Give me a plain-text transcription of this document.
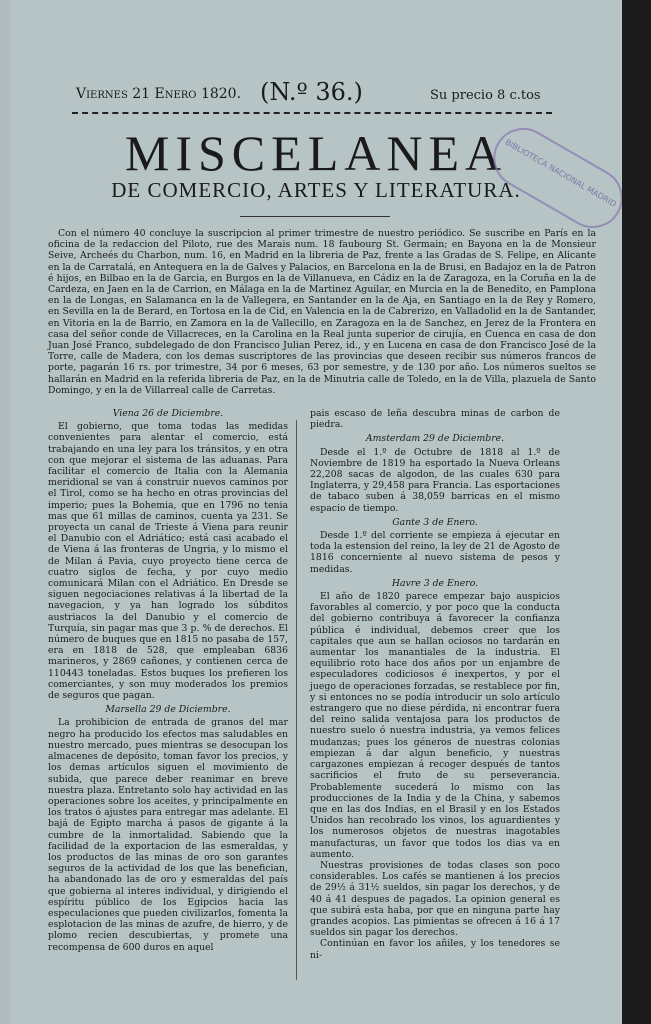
Viernes 21 Enero 1820. (N.º 36.)	Su precio 8 c.tos
MISCELANEA
DE COMERCIO, ARTES Y LITERATURA.
BIBLIOTECA NACIONAL MADRID

Con el número 40 concluye la suscripcion al primer trimestre de nuestro periódico. Se suscribe en París en la oficina de la redaccion del Piloto, rue des Marais num. 18 faubourg St. Germain; en Bayona en la de Monsieur Seive, Archeés du Charbon, num. 16, en Madrid en la libreria de Paz, frente a las Gradas de S. Felipe, en Alicante en la de Carratalá, en Antequera en la de Galves y Palacios, en Barcelona en la de Brusi, en Badajoz en la de Patron é hijos, en Bilbao en la de Garcia, en Burgos en la de Villanueva, en Cádiz en la de Zaragoza, en la Coruña en la de Cardeza, en Jaen en la de Carrion, en Málaga en la de Martinez Aguilar, en Murcia en la de Benedito, en Pamplona en la de Longas, en Salamanca en la de Vallegera, en Santander en la de Aja, en Santiago en la de Rey y Romero, en Sevilla en la de Berard, en Tortosa en la de Cid, en Valencia en la de Cabrerizo, en Valladolid en la de Santander, en Vitoria en la de Barrio, en Zamora en la de Vallecillo, en Zaragoza en la de Sanchez, en Jerez de la Frontera en casa del señor conde de Villacreces, en la Carolina en la Real junta superior de cirujía, en Cuenca en casa de don Juan José Franco, subdelegado de don Francisco Julian Perez, id., y en Lucena en casa de don Francisco José de la Torre, calle de Madera, con los demas suscriptores de las provincias que deseen recibir sus números francos de porte, pagarán 16 rs. por trimestre, 34 por 6 meses, 63 por semestre, y de 130 por año. Los números sueltos se hallarán en Madrid en la referida libreria de Paz, en la de Minutria calle de Toledo, en la de Villa, plazuela de Santo Domingo, y en la de Villarreal calle de Carretas.

Viena 26 de Diciembre.

El gobierno, que toma todas las medidas convenientes para alentar el comercio, está trabajando en una ley para los tránsitos, y en otra con que mejorar el sistema de las aduanas. Para facilitar el comercio de Italia con la Alemania meridional se van á construir nuevos caminos por el Tirol, como se ha hecho en otras provincias del imperio; pues la Bohemia, que en 1796 no tenia mas que 61 millas de caminos, cuenta ya 231. Se proyecta un canal de Trieste á Viena para reunir el Danubio con el Adriático; está casi acabado el de Viena á las fronteras de Ungria, y lo mismo el de Milan á Pavia, cuyo proyecto tiene cerca de cuatro siglos de fecha, y por cuyo medio comunicará Milan con el Adriático. En Dresde se siguen negociaciones relativas á la libertad de la navegacion, y ya han logrado los súbditos austriacos la del Danubio y el comercio de Turquía, sin pagar mas que 3 p. % de derechos. El número de buques que en 1815 no pasaba de 157, era en 1818 de 528, que empleaban 6836 marineros, y 2869 cañones, y contienen cerca de 110443 toneladas. Estos buques los prefieren los comerciantes, y son muy moderados los premios de seguros que pagan.

Marsella 29 de Diciembre.

La prohibicion de entrada de granos del mar negro ha producido los efectos mas saludables en nuestro mercado, pues mientras se desocupan los almacenes de depósito, toman favor los precios, y los demas artículos siguen el movimiento de subida, que parece deber reanimar en breve nuestra plaza. Entretanto solo hay actividad en las operaciones sobre los aceites, y principalmente en los tratos ó ajustes para entregar mas adelante. El bajá de Egipto marcha á pasos de gigante á la cumbre de la inmortalidad. Sabiendo que la facilidad de la exportacion de las esmeraldas, y los productos de las minas de oro son garantes seguros de la actividad de los que las benefician, ha abandonado las de oro y esmeraldas del país que gobierna al interes individual, y dirigiendo el espíritu público de los Egipcios hacia las especulaciones que pueden civilizarlos, fomenta la esplotacion de las minas de azufre, de hierro, y de plomo recien descubiertas, y promete una recompensa de 600 duros en aquel

pais escaso de leña descubra minas de carbon de piedra.

Amsterdam 29 de Diciembre.

Desde el 1.º de Octubre de 1818 al 1.º de Noviembre de 1819 ha esportado la Nueva Orleans 22,208 sacas de algodon, de las cuales 630 para Inglaterra, y 29,458 para Francia. Las esportaciones de tabaco suben á 38,059 barricas en el mismo espacio de tiempo.

Gante 3 de Enero.

Desde 1.º del corriente se empieza á ejecutar en toda la estension del reino, la ley de 21 de Agosto de 1816 concerniente al nuevo sistema de pesos y medidas.

Havre 3 de Enero.

El año de 1820 parece empezar bajo auspicios favorables al comercio, y por poco que la conducta del gobierno contribuya á favorecer la confianza pública é individual, debemos creer que los capitales que aun se hallan ociosos no tardarán en aumentar los manantiales de la industria. El equilibrio roto hace dos años por un enjambre de especuladores codiciosos é inexpertos, y por el juego de operaciones forzadas, se restablece por fin, y si entonces no se podía introducir un solo artículo estrangero que no diese pérdida, ni encontrar fuera del reino salida ventajosa para los productos de nuestro suelo ó nuestra industria, ya vemos felices mudanzas; pues los géneros de nuestras colonias empiezan á dar algun beneficio, y nuestras cargazones empiezan á recoger después de tantos sacrificios el fruto de su perseverancia. Probablemente sucederá lo mismo con las producciones de la India y de la China, y sabemos que en las dos Indias, en el Brasil y en los Estados Unidos han recobrado los vinos, los aguardientes y los numerosos objetos de nuestras inagotables manufacturas, un favor que todos los dias va en aumento.

Nuestras provisiones de todas clases son poco considerables. Los cafés se mantienen á los precios de 29½ á 31½ sueldos, sin pagar los derechos, y de 40 á 41 despues de pagados. La opinion general es que subirá esta haba, por que en ninguna parte hay grandes acopios. Las pimientas se ofrecen á 16 á 17 sueldos sin pagar los derechos.

Continúan en favor los añiles, y los tenedores se ni-
